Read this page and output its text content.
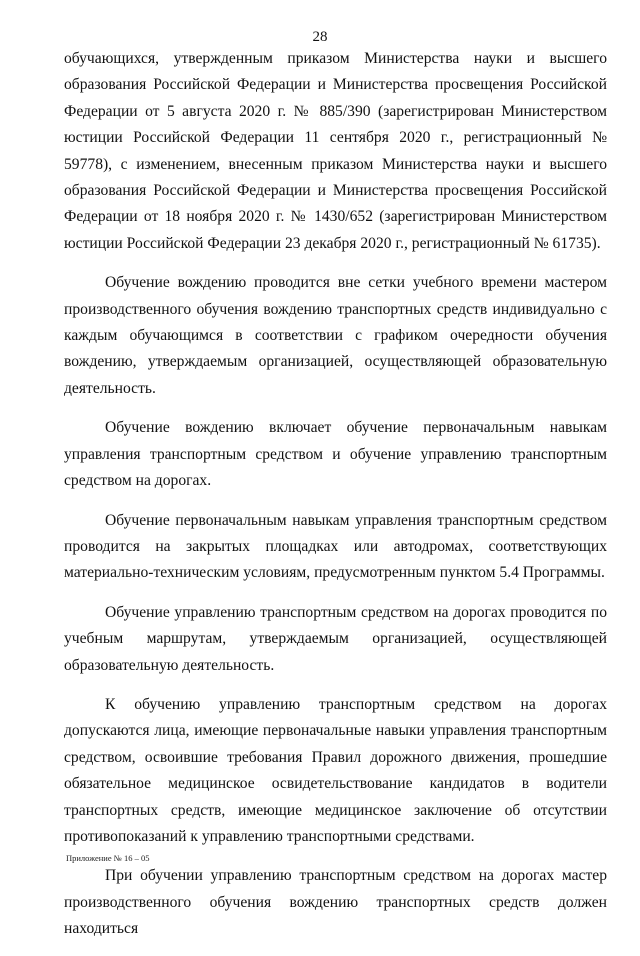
28

обучающихся, утвержденным приказом Министерства науки и высшего образования Российской Федерации и Министерства просвещения Российской Федерации от 5 августа 2020 г. № 885/390 (зарегистрирован Министерством юстиции Российской Федерации 11 сентября 2020 г., регистрационный № 59778), с изменением, внесенным приказом Министерства науки и высшего образования Российской Федерации и Министерства просвещения Российской Федерации от 18 ноября 2020 г. № 1430/652 (зарегистрирован Министерством юстиции Российской Федерации 23 декабря 2020 г., регистрационный № 61735).

Обучение вождению проводится вне сетки учебного времени мастером производственного обучения вождению транспортных средств индивидуально с каждым обучающимся в соответствии с графиком очередности обучения вождению, утверждаемым организацией, осуществляющей образовательную деятельность.

Обучение вождению включает обучение первоначальным навыкам управления транспортным средством и обучение управлению транспортным средством на дорогах.

Обучение первоначальным навыкам управления транспортным средством проводится на закрытых площадках или автодромах, соответствующих материально-техническим условиям, предусмотренным пунктом 5.4 Программы.

Обучение управлению транспортным средством на дорогах проводится по учебным маршрутам, утверждаемым организацией, осуществляющей образовательную деятельность.

К обучению управлению транспортным средством на дорогах допускаются лица, имеющие первоначальные навыки управления транспортным средством, освоившие требования Правил дорожного движения, прошедшие обязательное медицинское освидетельствование кандидатов в водители транспортных средств, имеющие медицинское заключение об отсутствии противопоказаний к управлению транспортными средствами.

При обучении управлению транспортным средством на дорогах мастер производственного обучения вождению транспортных средств должен находиться

Приложение № 16 – 05
